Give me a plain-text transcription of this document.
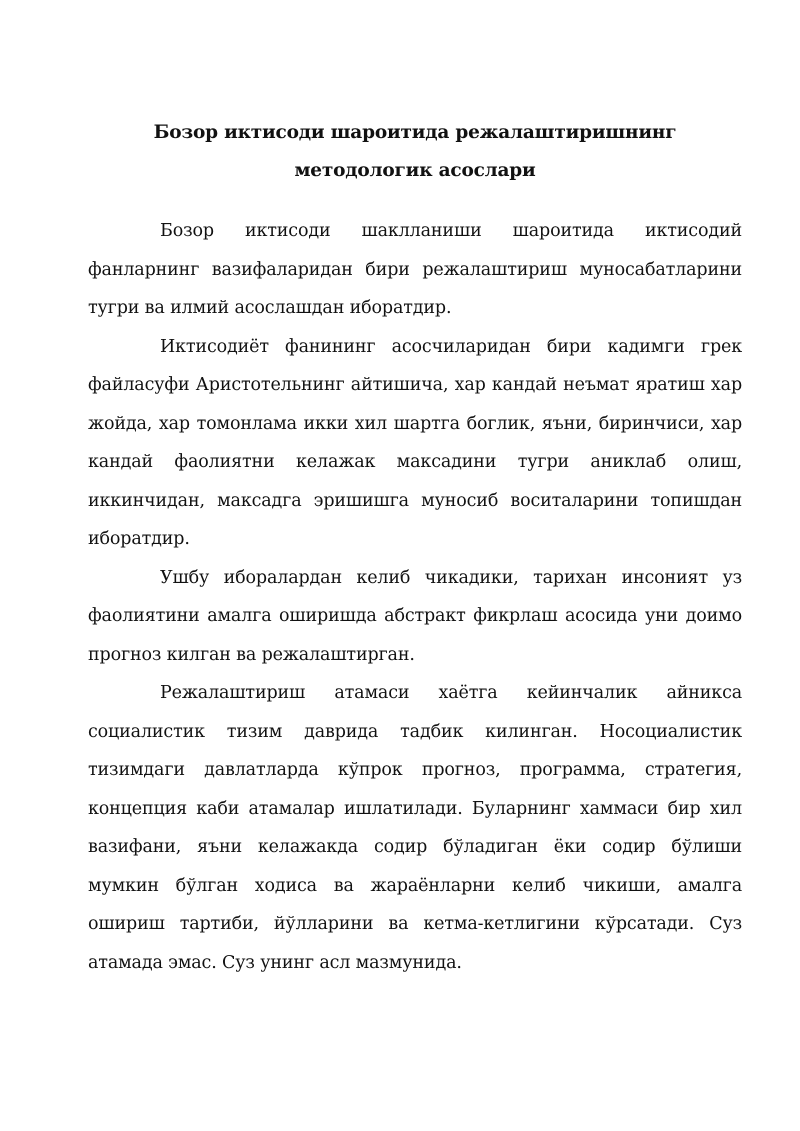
Бозор иктисоди шароитида режалаштиришнинг методологик асослари

Бозор иктисоди шаклланиши шароитида иктисодий фанларнинг вазифаларидан бири режалаштириш муносабатларини тугри ва илмий асослашдан иборатдир.

Иктисодиёт фанининг асосчиларидан бири кадимги грек файласуфи Аристотельнинг айтишича, хар кандай неъмат яратиш хар жойда, хар томонлама икки хил шартга боглик, яъни, биринчиси, хар кандай фаолиятни келажак максадини тугри аниклаб олиш, иккинчидан, максадга эришишга муносиб воситаларини топишдан иборатдир.

Ушбу иборалардан келиб чикадики, тарихан инсоният уз фаолиятини амалга оширишда абстракт фикрлаш асосида уни доимо прогноз килган ва режалаштирган.

Режалаштириш атамаси хаётга кейинчалик айникса социалистик тизим даврида тадбик килинган. Носоциалистик тизимдаги давлатларда кўпрок прогноз, программа, стратегия, концепция каби атамалар ишлатилади. Буларнинг хаммаси бир хил вазифани, яъни келажакда содир бўладиган ёки содир бўлиши мумкин бўлган ходиса ва жараёнларни келиб чикиши, амалга ошириш тартиби, йўлларини ва кетма-кетлигини кўрсатади. Суз атамада эмас. Суз унинг асл мазмунида.
